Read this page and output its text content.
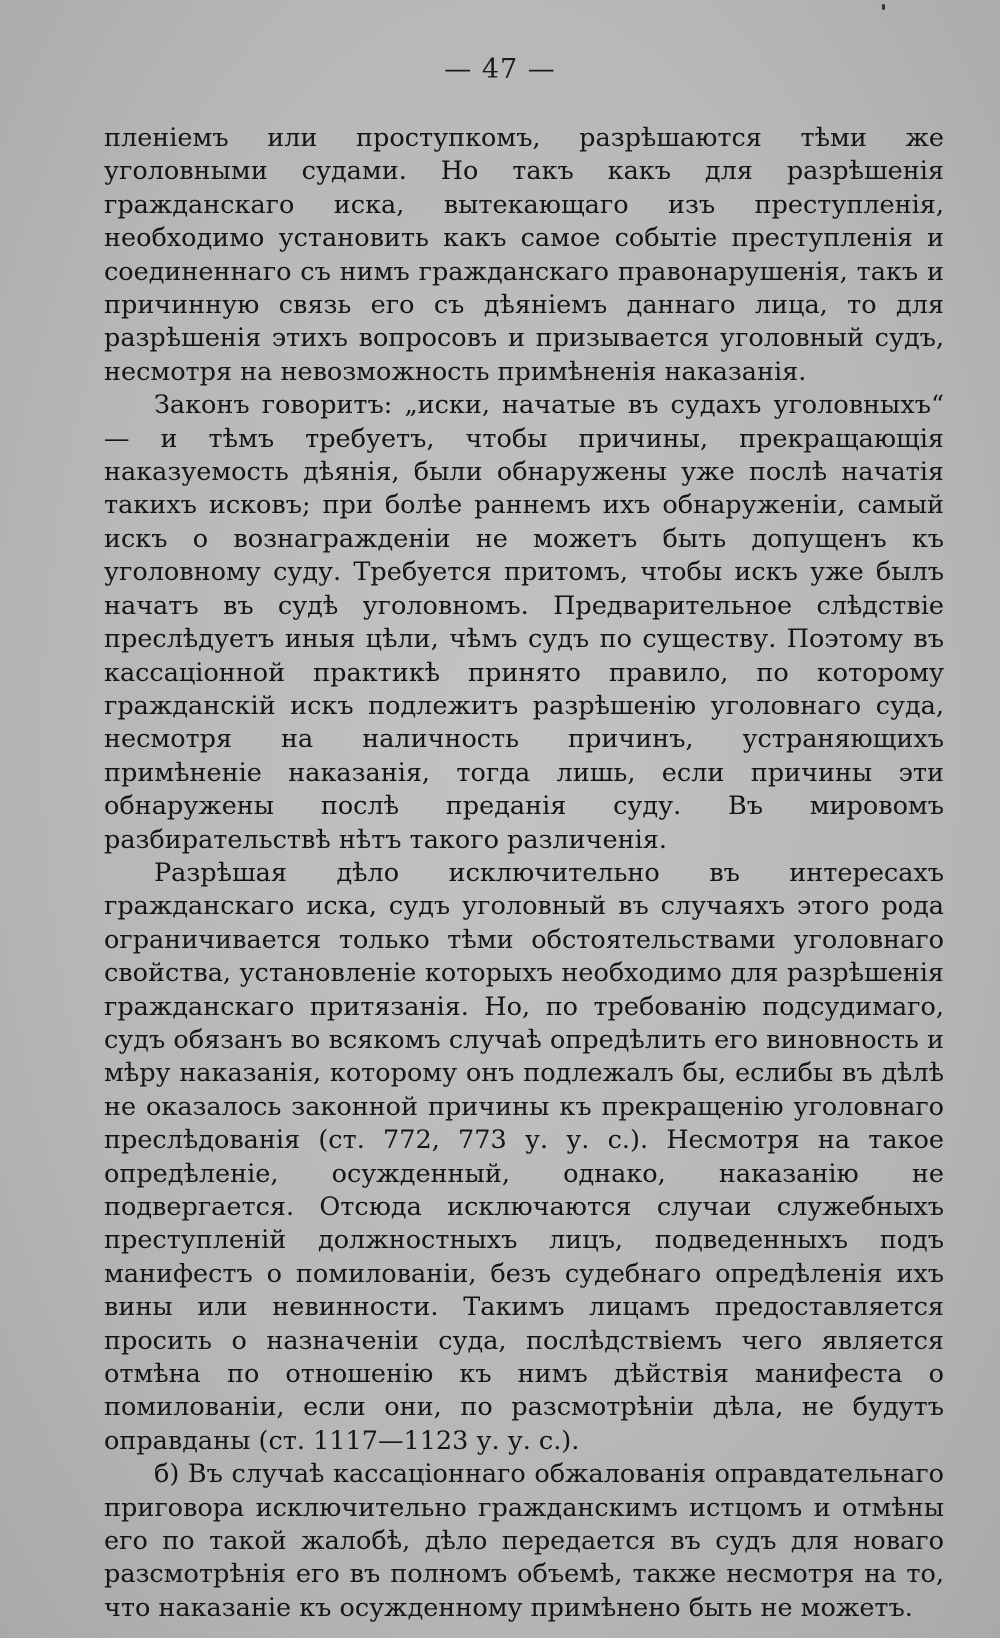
— 47 —

пленіемъ или проступкомъ, разрѣшаются тѣми же уголовными судами. Но такъ какъ для разрѣшенія гражданскаго иска, вытекающаго изъ преступленія, необходимо установить какъ самое событіе преступленія и соединеннаго съ нимъ гражданскаго правонарушенія, такъ и причинную связь его съ дѣяніемъ даннаго лица, то для разрѣшенія этихъ вопросовъ и призывается уголовный судъ, несмотря на невозможность примѣненія наказанія.

Законъ говоритъ: „иски, начатые въ судахъ уголовныхъ“ — и тѣмъ требуетъ, чтобы причины, прекращающія наказуемость дѣянія, были обнаружены уже послѣ начатія такихъ исковъ; при болѣе раннемъ ихъ обнаруженіи, самый искъ о вознагражденіи не можетъ быть допущенъ къ уголовному суду. Требуется притомъ, чтобы искъ уже былъ начатъ въ судѣ уголовномъ. Предварительное слѣдствіе преслѣдуетъ иныя цѣли, чѣмъ судъ по существу. Поэтому въ кассаціонной практикѣ принято правило, по которому гражданскій искъ подлежитъ разрѣшенію уголовнаго суда, несмотря на наличность причинъ, устраняющихъ примѣненіе наказанія, тогда лишь, если причины эти обнаружены послѣ преданія суду. Въ мировомъ разбирательствѣ нѣтъ такого различенія.

Разрѣшая дѣло исключительно въ интересахъ гражданскаго иска, судъ уголовный въ случаяхъ этого рода ограничивается только тѣми обстоятельствами уголовнаго свойства, установленіе которыхъ необходимо для разрѣшенія гражданскаго притязанія. Но, по требованію подсудимаго, судъ обязанъ во всякомъ случаѣ опредѣлить его виновность и мѣру наказанія, которому онъ подлежалъ бы, еслибы въ дѣлѣ не оказалось законной причины къ прекращенію уголовнаго преслѣдованія (ст. 772, 773 у. у. с.). Несмотря на такое опредѣленіе, осужденный, однако, наказанію не подвергается. Отсюда исключаются случаи служебныхъ преступленій должностныхъ лицъ, подведенныхъ подъ манифестъ о помилованіи, безъ судебнаго опредѣленія ихъ вины или невинности. Такимъ лицамъ предоставляется просить о назначеніи суда, послѣдствіемъ чего является отмѣна по отношенію къ нимъ дѣйствія манифеста о помилованіи, если они, по разсмотрѣніи дѣла, не будутъ оправданы (ст. 1117—1123 у. у. с.).

б) Въ случаѣ кассаціоннаго обжалованія оправдательнаго приговора исключительно гражданскимъ истцомъ и отмѣны его по такой жалобѣ, дѣло передается въ судъ для новаго разсмотрѣнія его въ полномъ объемѣ, также несмотря на то, что наказаніе къ осужденному примѣнено быть не можетъ.
